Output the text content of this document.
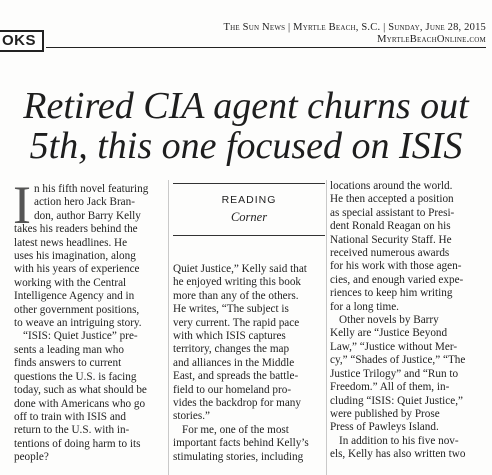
OKS
The Sun News | Myrtle Beach, S.C. | Sunday, June 28, 2015
MyrtleBeachOnline.com
Retired CIA agent churns out
5th, this one focused on ISIS
I n his fifth novel featuring
action hero Jack Bran-
don, author Barry Kelly
takes his readers behind the
latest news headlines. He
uses his imagination, along
with his years of experience
working with the Central
Intelligence Agency and in
other government positions,
to weave an intriguing story.
“ISIS: Quiet Justice” pre-
sents a leading man who
finds answers to current
questions the U.S. is facing
today, such as what should be
done with Americans who go
off to train with ISIS and
return to the U.S. with in-
tentions of doing harm to its
people?
READING
Corner
Quiet Justice,” Kelly said that
he enjoyed writing this book
more than any of the others.
He writes, “The subject is
very current. The rapid pace
with which ISIS captures
territory, changes the map
and alliances in the Middle
East, and spreads the battle-
field to our homeland pro-
vides the backdrop for many
stories.”
For me, one of the most
important facts behind Kelly’s
stimulating stories, including
locations around the world.
He then accepted a position
as special assistant to Presi-
dent Ronald Reagan on his
National Security Staff. He
received numerous awards
for his work with those agen-
cies, and enough varied expe-
riences to keep him writing
for a long time.
Other novels by Barry
Kelly are “Justice Beyond
Law,” “Justice without Mer-
cy,” “Shades of Justice,” “The
Justice Trilogy” and “Run to
Freedom.” All of them, in-
cluding “ISIS: Quiet Justice,”
were published by Prose
Press of Pawleys Island.
In addition to his five nov-
els, Kelly has also written two
